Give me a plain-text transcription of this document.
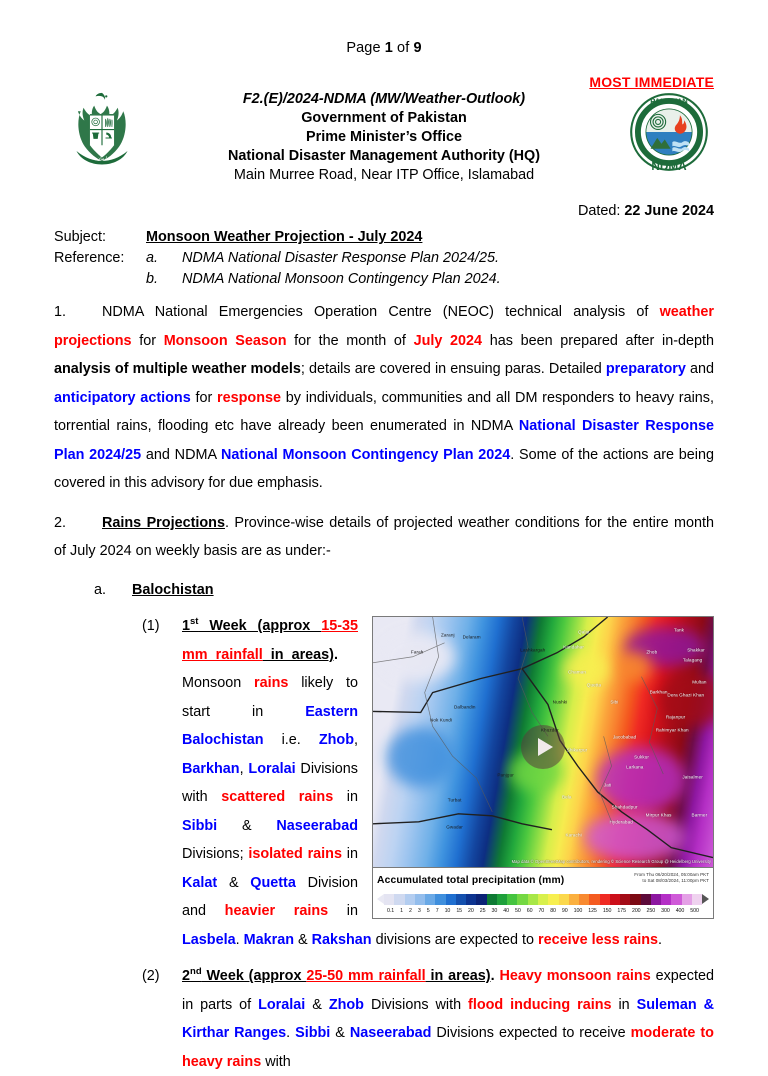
Page 1 of 9
MOST IMMEDIATE
ایمان
PAKISTAN
NDMA
F2.(E)/2024-NDMA (MW/Weather-Outlook)
Government of Pakistan
Prime Minister’s Office
National Disaster Management Authority (HQ)
Main Murree Road, Near ITP Office, Islamabad
Dated: 22 June 2024
Subject:	Monsoon Weather Projection - July 2024
Reference:	a.	NDMA National Disaster Response Plan 2024/25.
b.	NDMA National Monsoon Contingency Plan 2024.
1. NDMA National Emergencies Operation Centre (NEOC) technical analysis of weather projections for Monsoon Season for the month of July 2024 has been prepared after in-depth analysis of multiple weather models; details are covered in ensuing paras. Detailed preparatory and anticipatory actions for response by individuals, communities and all DM responders to heavy rains, torrential rains, flooding etc have already been enumerated in NDMA National Disaster Response Plan 2024/25 and NDMA National Monsoon Contingency Plan 2024. Some of the actions are being covered in this advisory for due emphasis.
2. Rains Projections. Province-wise details of projected weather conditions for the entire month of July 2024 on weekly basis are as under:-
a. Balochistan
(1)
Map data © OpenStreetMap contributors, rendering © Science Research Group @ Heidelberg University
Zaranj
Farah
Delaram
Lashkargah	Kandahar
Qalat
Chaman
Quetta
Zhob
Tank
Barkhan Dera Ghazi Khan
Nushki	Sibi
Dalbandin
Nok Kundi	Rajanpur
Khuzdar
Jacobabad
Shikarpur
Sukkur
Larkana
Panjgur
Turbat
Jati
Bela
Shahdadpur
Mirpur Khas
Hyderabad
Gwadar
Karachi
Jaisalmer
Barmer
Rahimyar Khan
Multan
Shakkar
Talagang
Accumulated total precipitation (mm)
From Thu 06/20/2024, 05:00am PKT
to Sat 08/03/2024, 11:00pm PKT
0.1	1	2	3	5	7	10	15	20	25	30	40	50	60	70	80	90	100	125	150	175	200	250	300	400	500
1st Week (approx 15-35 mm rainfall in areas).    Monsoon rains likely to start in Eastern Balochistan i.e. Zhob, Barkhan, Loralai Divisions with scattered rains in Sibbi & Naseerabad Divisions; isolated rains in Kalat & Quetta Division and heavier rains in Lasbela. Makran & Rakshan divisions are expected to receive less rains.
(2)	2nd Week (approx 25-50 mm rainfall in areas). Heavy monsoon rains expected in parts of Loralai & Zhob Divisions with flood inducing rains in Suleman & Kirthar Ranges. Sibbi & Naseerabad Divisions expected to receive moderate to heavy rains with
